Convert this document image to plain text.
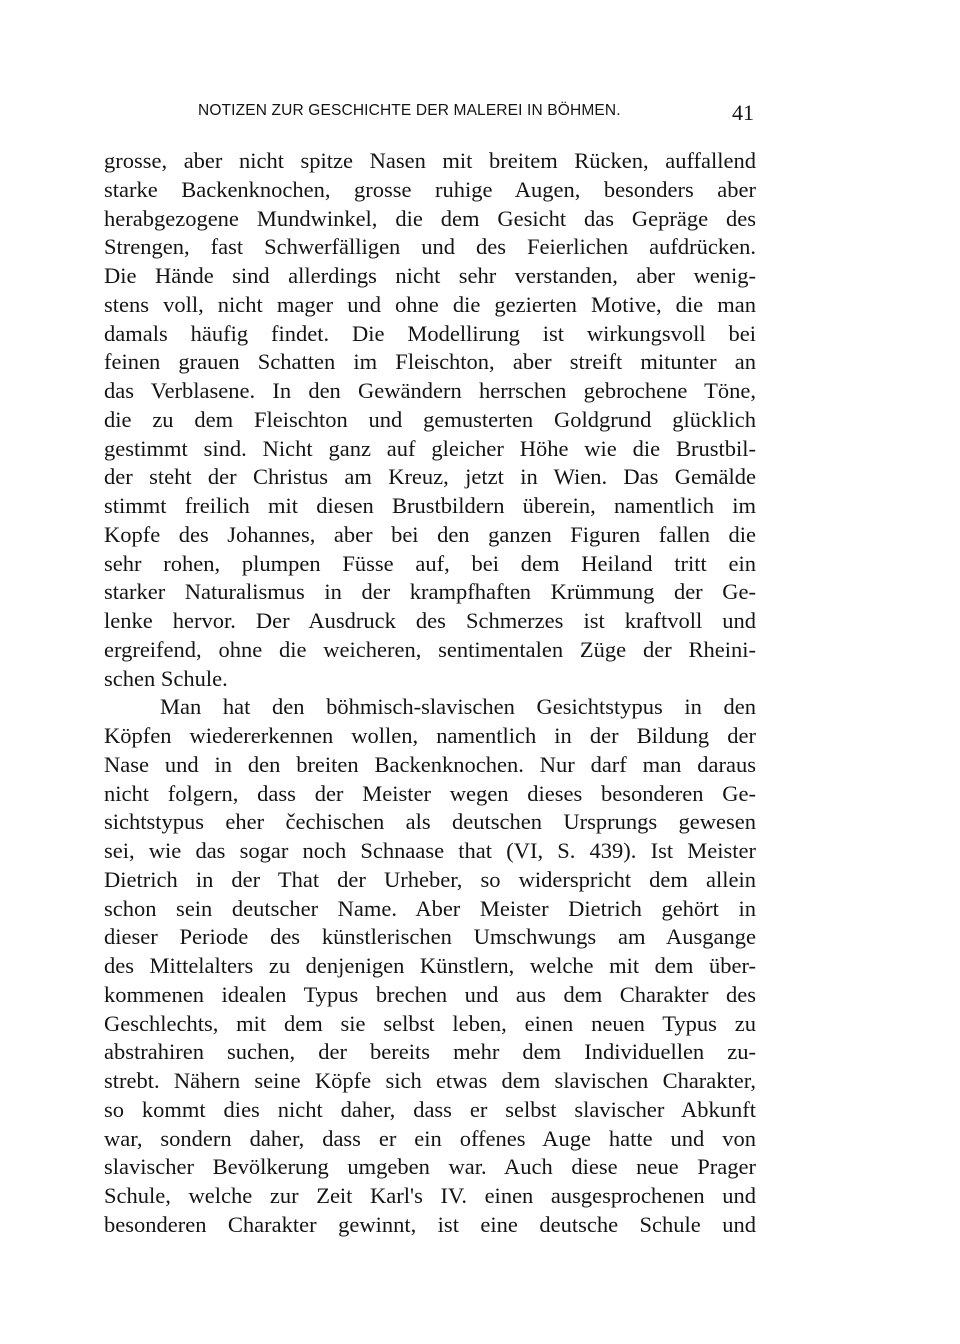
NOTIZEN ZUR GESCHICHTE DER MALEREI IN BÖHMEN.	41
grosse, aber nicht spitze Nasen mit breitem Rücken, auffallend
starke Backenknochen, grosse ruhige Augen, besonders aber
herabgezogene Mundwinkel, die dem Gesicht das Gepräge des
Strengen, fast Schwerfälligen und des Feierlichen aufdrücken.
Die Hände sind allerdings nicht sehr verstanden, aber wenig-
stens voll, nicht mager und ohne die gezierten Motive, die man
damals häufig findet. Die Modellirung ist wirkungsvoll bei
feinen grauen Schatten im Fleischton, aber streift mitunter an
das Verblasene. In den Gewändern herrschen gebrochene Töne,
die zu dem Fleischton und gemusterten Goldgrund glücklich
gestimmt sind. Nicht ganz auf gleicher Höhe wie die Brustbil-
der steht der Christus am Kreuz, jetzt in Wien. Das Gemälde
stimmt freilich mit diesen Brustbildern überein, namentlich im
Kopfe des Johannes, aber bei den ganzen Figuren fallen die
sehr rohen, plumpen Füsse auf, bei dem Heiland tritt ein
starker Naturalismus in der krampfhaften Krümmung der Ge-
lenke hervor. Der Ausdruck des Schmerzes ist kraftvoll und
ergreifend, ohne die weicheren, sentimentalen Züge der Rheini-
schen Schule.
Man hat den böhmisch-slavischen Gesichtstypus in den
Köpfen wiedererkennen wollen, namentlich in der Bildung der
Nase und in den breiten Backenknochen. Nur darf man daraus
nicht folgern, dass der Meister wegen dieses besonderen Ge-
sichtstypus eher čechischen als deutschen Ursprungs gewesen
sei, wie das sogar noch Schnaase that (VI, S. 439). Ist Meister
Dietrich in der That der Urheber, so widerspricht dem allein
schon sein deutscher Name. Aber Meister Dietrich gehört in
dieser Periode des künstlerischen Umschwungs am Ausgange
des Mittelalters zu denjenigen Künstlern, welche mit dem über-
kommenen idealen Typus brechen und aus dem Charakter des
Geschlechts, mit dem sie selbst leben, einen neuen Typus zu
abstrahiren suchen, der bereits mehr dem Individuellen zu-
strebt. Nähern seine Köpfe sich etwas dem slavischen Charakter,
so kommt dies nicht daher, dass er selbst slavischer Abkunft
war, sondern daher, dass er ein offenes Auge hatte und von
slavischer Bevölkerung umgeben war. Auch diese neue Prager
Schule, welche zur Zeit Karl's IV. einen ausgesprochenen und
besonderen Charakter gewinnt, ist eine deutsche Schule und
